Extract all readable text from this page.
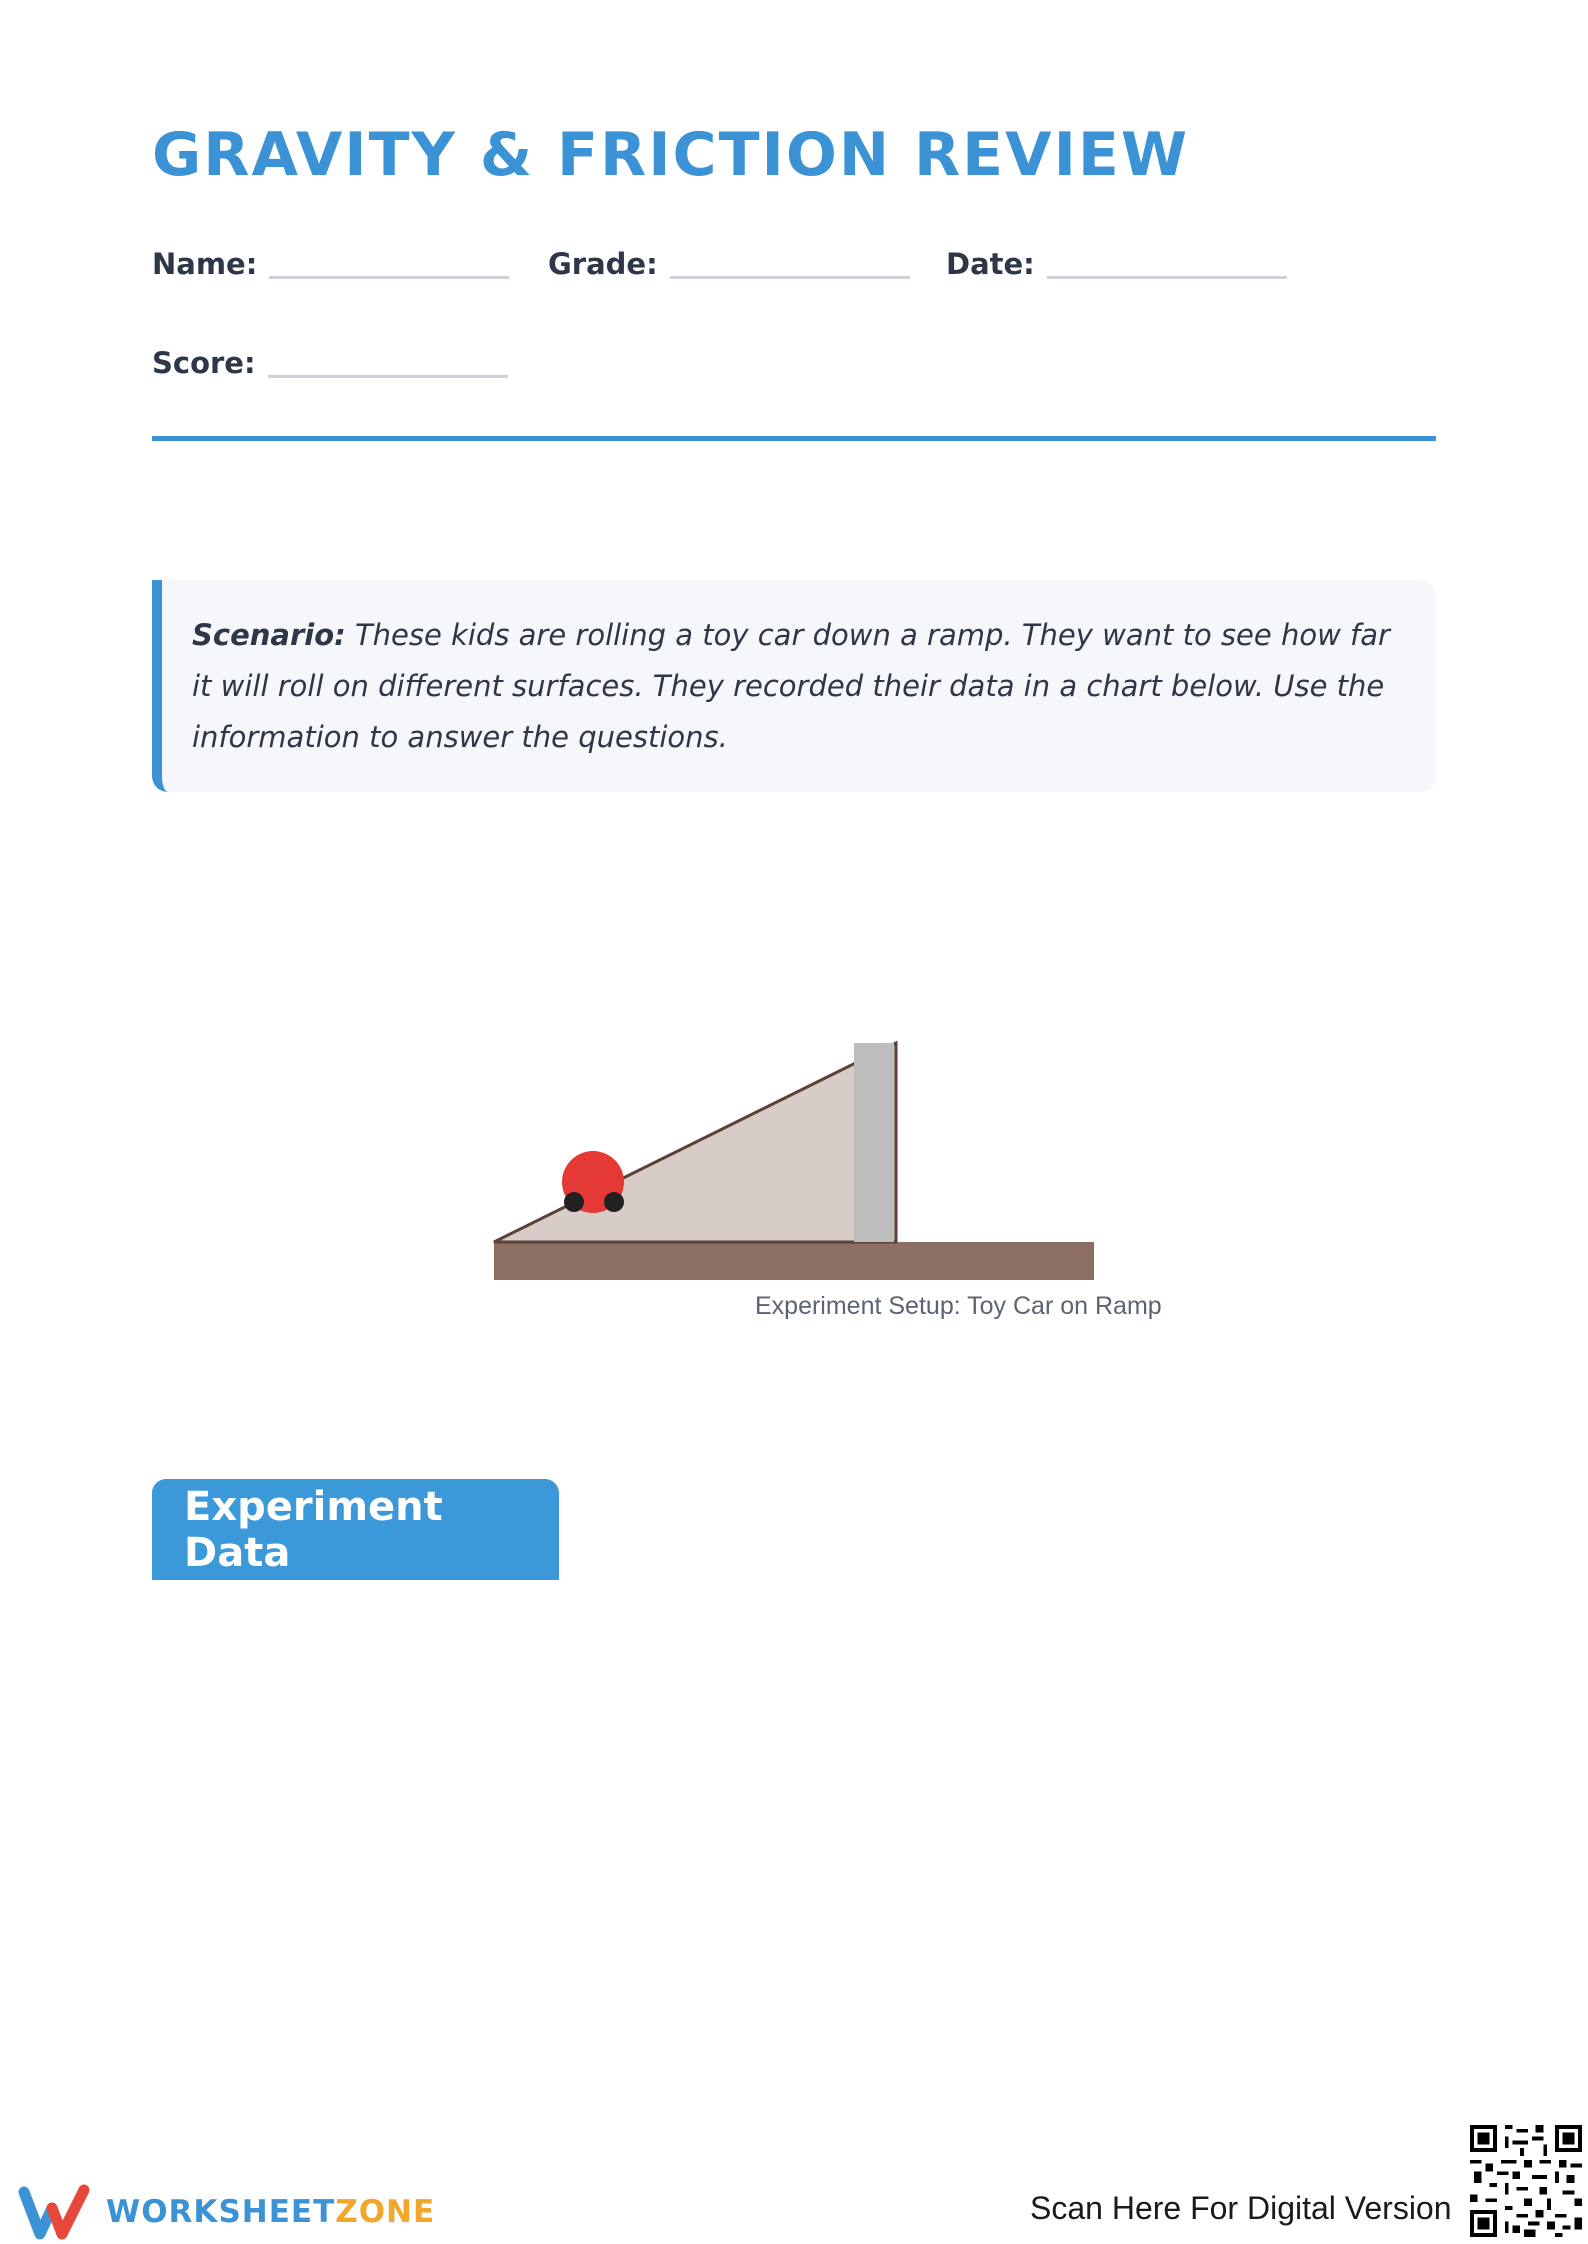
GRAVITY & FRICTION REVIEW
Name:	Grade:	Date:
Score:
Scenario: These kids are rolling a toy car down a ramp. They want to see how far it will roll on different surfaces. They recorded their data in a chart below. Use the information to answer the questions.
Experiment Setup: Toy Car on Ramp
Experiment Data
WORKSHEETZONE	Scan Here For Digital Version
